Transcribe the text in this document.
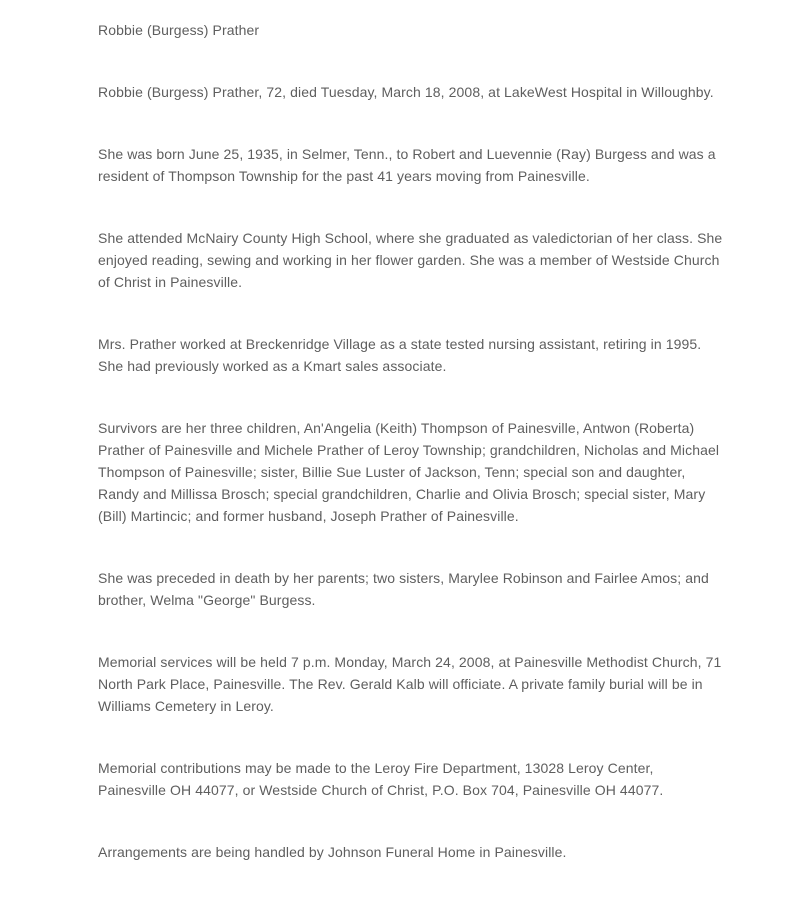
Robbie (Burgess) Prather

Robbie (Burgess) Prather, 72, died Tuesday, March 18, 2008, at LakeWest Hospital in Willoughby.

She was born June 25, 1935, in Selmer, Tenn., to Robert and Luevennie (Ray) Burgess and was a resident of Thompson Township for the past 41 years moving from Painesville.

She attended McNairy County High School, where she graduated as valedictorian of her class. She enjoyed reading, sewing and working in her flower garden. She was a member of Westside Church of Christ in Painesville.

Mrs. Prather worked at Breckenridge Village as a state tested nursing assistant, retiring in 1995. She had previously worked as a Kmart sales associate.

Survivors are her three children, An'Angelia (Keith) Thompson of Painesville, Antwon (Roberta) Prather of Painesville and Michele Prather of Leroy Township; grandchildren, Nicholas and Michael Thompson of Painesville; sister, Billie Sue Luster of Jackson, Tenn; special son and daughter, Randy and Millissa Brosch; special grandchildren, Charlie and Olivia Brosch; special sister, Mary (Bill) Martincic; and former husband, Joseph Prather of Painesville.

She was preceded in death by her parents; two sisters, Marylee Robinson and Fairlee Amos; and brother, Welma "George" Burgess.

Memorial services will be held 7 p.m. Monday, March 24, 2008, at Painesville Methodist Church, 71 North Park Place, Painesville. The Rev. Gerald Kalb will officiate. A private family burial will be in Williams Cemetery in Leroy.

Memorial contributions may be made to the Leroy Fire Department, 13028 Leroy Center, Painesville OH 44077, or Westside Church of Christ, P.O. Box 704, Painesville OH 44077.

Arrangements are being handled by Johnson Funeral Home in Painesville.
